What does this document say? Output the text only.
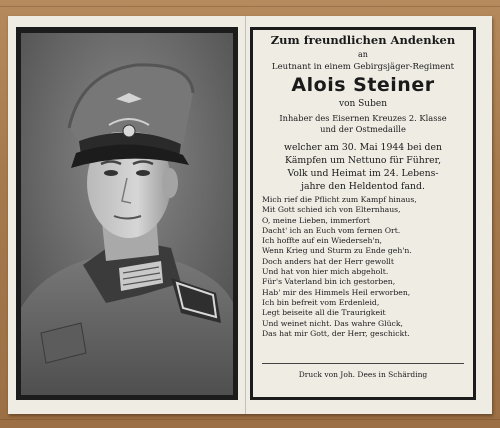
Zum freundlichen Andenken
an
Leutnant in einem Gebirgsjäger-Regiment
Alois Steiner
von Suben
Inhaber des Eisernen Kreuzes 2. Klasse
und der Ostmedaille
welcher am 30. Mai 1944 bei den
Kämpfen um Nettuno für Führer,
Volk und Heimat im 24. Lebens-
jahre den Heldentod fand.
Mich rief die Pflicht zum Kampf hinaus,
Mit Gott schied ich von Elternhaus,
O, meine Lieben, immerfort
Dacht' ich an Euch vom fernen Ort.
Ich hoffte auf ein Wiederseh'n,
Wenn Krieg und Sturm zu Ende geh'n.
Doch anders hat der Herr gewollt
Und hat von hier mich abgeholt.
Für's Vaterland bin ich gestorben,
Hab' mir des Himmels Heil erworben,
Ich bin befreit vom Erdenleid,
Legt beiseite all die Traurigkeit
Und weinet nicht. Das wahre Glück,
Das hat mir Gott, der Herr, geschickt.
Druck von Joh. Dees in Schärding
